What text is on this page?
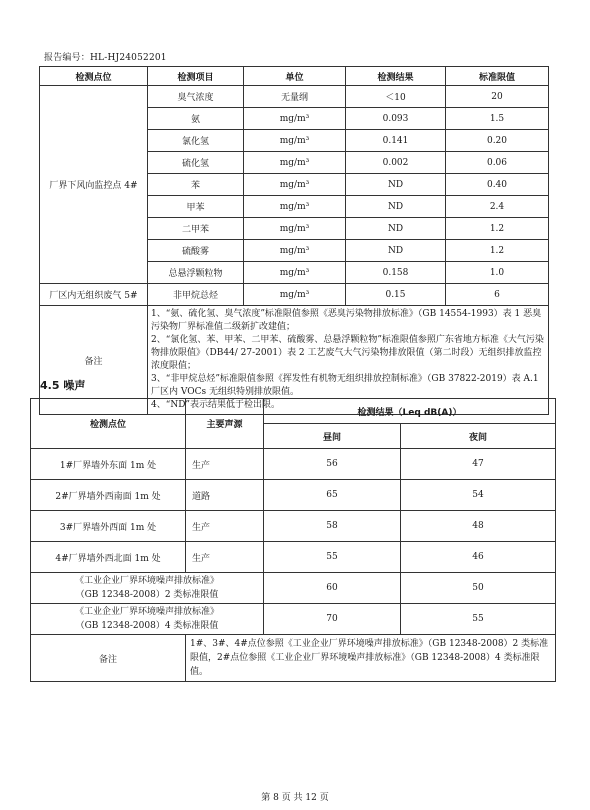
报告编号：HL-HJ24052201
检测点位	检测项目	单位	检测结果	标准限值
厂界下风向监控点 4#	臭气浓度	无量纲	＜10	20
	氨	mg/m³	0.093	1.5
	氯化氢	mg/m³	0.141	0.20
	硫化氢	mg/m³	0.002	0.06
	苯	mg/m³	ND	0.40
	甲苯	mg/m³	ND	2.4
	二甲苯	mg/m³	ND	1.2
	硫酸雾	mg/m³	ND	1.2
	总悬浮颗粒物	mg/m³	0.158	1.0
厂区内无组织废气 5#	非甲烷总烃	mg/m³	0.15	6
备注	1、“氨、硫化氢、臭气浓度”标准限值参照《恶臭污染物排放标准》（GB 14554-1993）表 1 恶臭污染物厂界标准值二级新扩改建值；
2、“氯化氢、苯、甲苯、二甲苯、硫酸雾、总悬浮颗粒物”标准限值参照广东省地方标准《大气污染物排放限值》（DB44/ 27-2001）表 2 工艺废气大气污染物排放限值（第二时段）无组织排放监控浓度限值；
3、“非甲烷总烃”标准限值参照《挥发性有机物无组织排放控制标准》（GB 37822-2019）表 A.1 厂区内 VOCs 无组织特别排放限值。
4、“ND”表示结果低于检出限。			
4.5 噪声
检测点位	主要声源	检测结果（Leq dB(A)）	
		昼间	夜间
1#厂界墙外东面 1m 处	生产	56	47
2#厂界墙外西南面 1m 处	道路	65	54
3#厂界墙外西面 1m 处	生产	58	48
4#厂界墙外西北面 1m 处	生产	55	46

《工业企业厂界环境噪声排放标准》
（GB 12348-2008）2 类标准限值		60	50

《工业企业厂界环境噪声排放标准》
（GB 12348-2008）4 类标准限值		70	55
备注	1#、3#、4#点位参照《工业企业厂界环境噪声排放标准》（GB 12348-2008）2 类标准限值，2#点位参照《工业企业厂界环境噪声排放标准》（GB 12348-2008）4 类标准限值。		
第 8 页 共 12 页
